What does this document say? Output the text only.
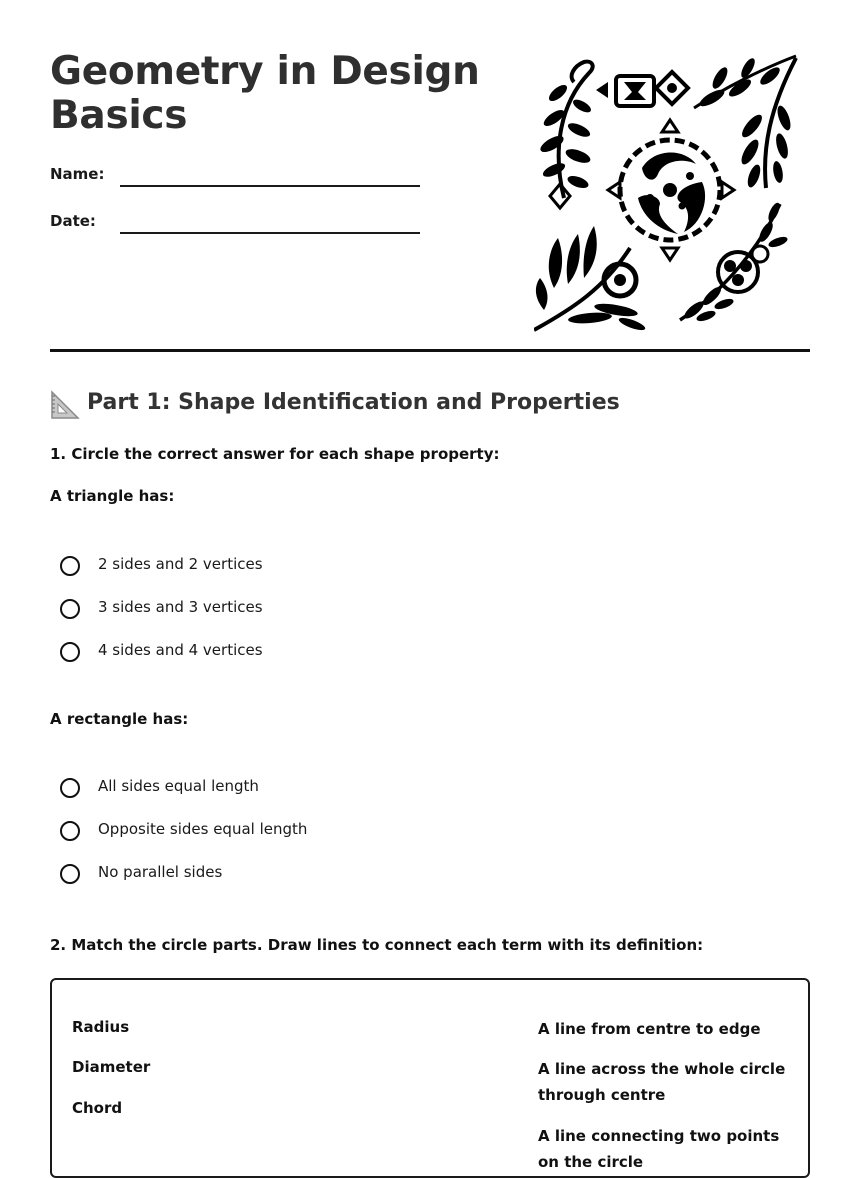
Geometry in Design
Basics
Name:
Date:
Part 1: Shape Identification and Properties
1. Circle the correct answer for each shape property:
A triangle has:
2 sides and 2 vertices
3 sides and 3 vertices
4 sides and 4 vertices
A rectangle has:
All sides equal length
Opposite sides equal length
No parallel sides
2. Match the circle parts. Draw lines to connect each term with its definition:
Radius
Diameter
Chord
A line from centre to edge
A line across the whole circle through centre
A line connecting two points on the circle
